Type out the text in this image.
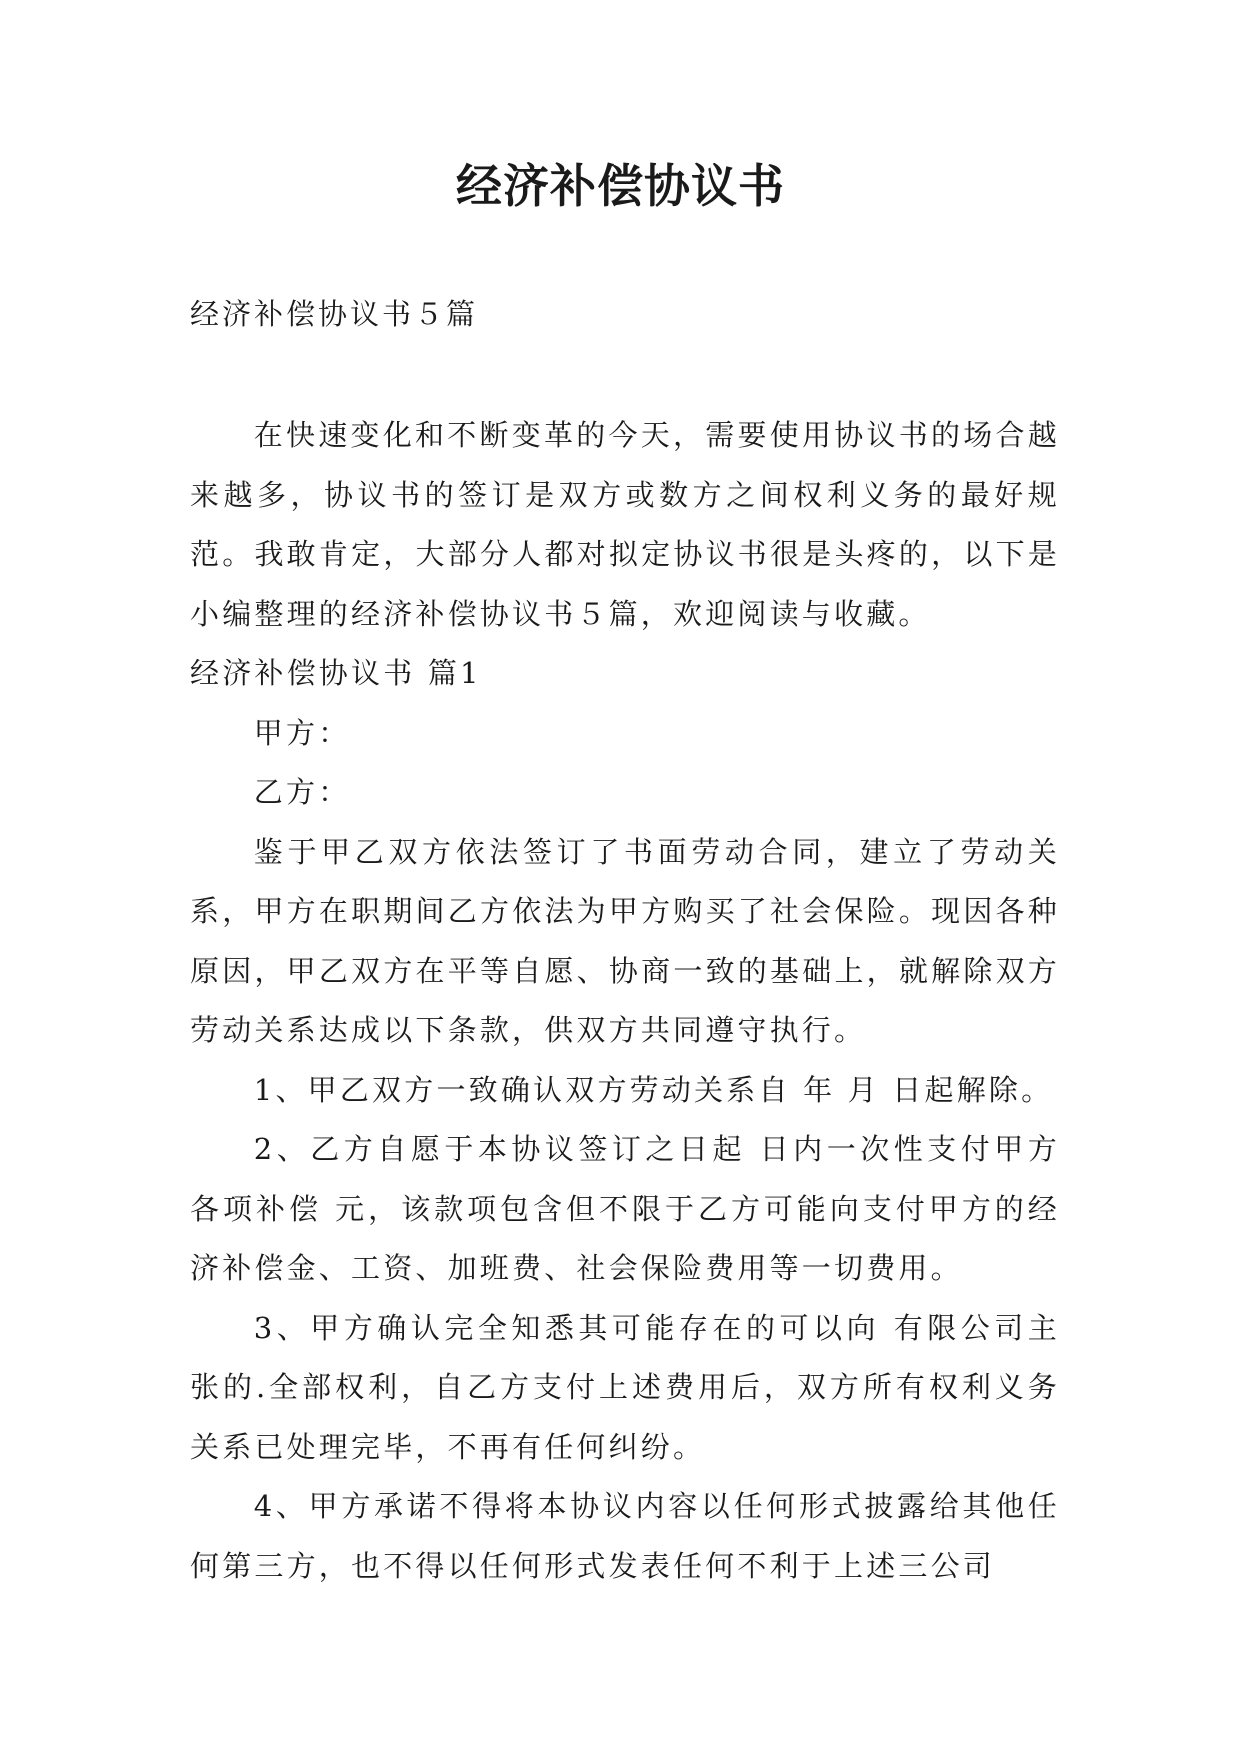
经济补偿协议书
经济补偿协议书５篇

在快速变化和不断变革的今天，需要使用协议书的场合越来越多，协议书的签订是双方或数方之间权利义务的最好规范。我敢肯定，大部分人都对拟定协议书很是头疼的，以下是小编整理的经济补偿协议书５篇，欢迎阅读与收藏。

经济补偿协议书 篇1

甲方：

乙方：

鉴于甲乙双方依法签订了书面劳动合同，建立了劳动关系，甲方在职期间乙方依法为甲方购买了社会保险。现因各种原因，甲乙双方在平等自愿、协商一致的基础上，就解除双方劳动关系达成以下条款，供双方共同遵守执行。

1、甲乙双方一致确认双方劳动关系自 年 月 日起解除。

2、乙方自愿于本协议签订之日起 日内一次性支付甲方各项补偿 元，该款项包含但不限于乙方可能向支付甲方的经济补偿金、工资、加班费、社会保险费用等一切费用。

3、甲方确认完全知悉其可能存在的可以向 有限公司主张的.全部权利，自乙方支付上述费用后，双方所有权利义务关系已处理完毕，不再有任何纠纷。

4、甲方承诺不得将本协议内容以任何形式披露给其他任何第三方，也不得以任何形式发表任何不利于上述三公司
